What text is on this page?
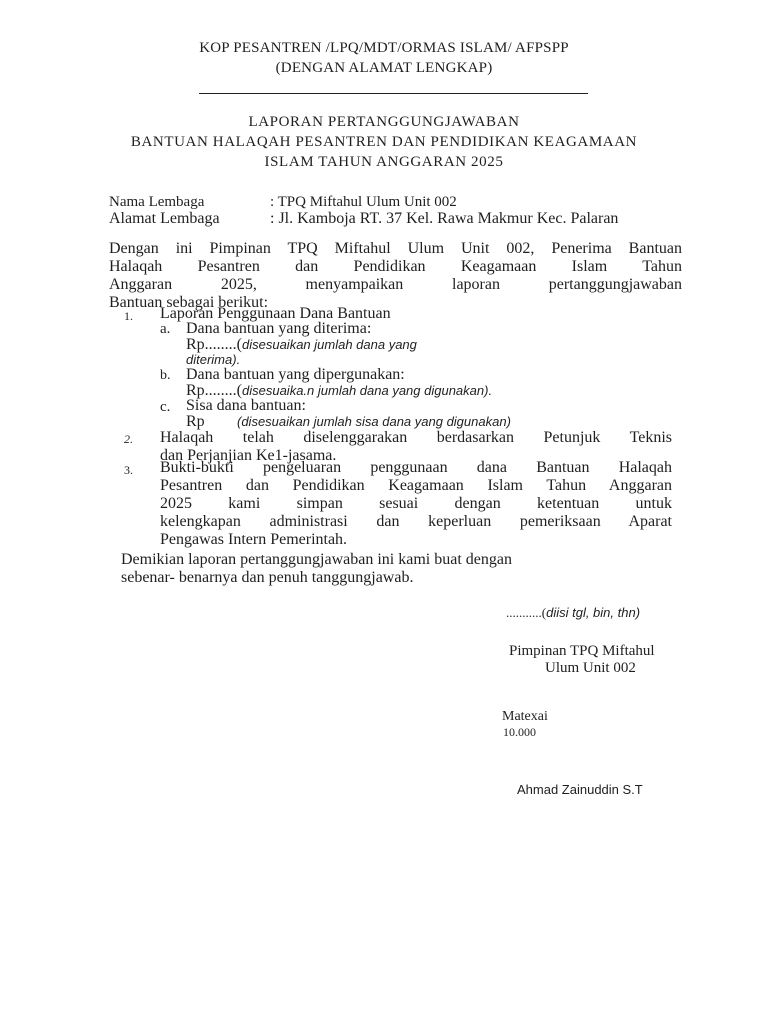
KOP PESANTREN /LPQ/MDT/ORMAS ISLAM/ AFPSPP

(DENGAN ALAMAT LENGKAP)

LAPORAN PERTANGGUNGJAWABAN

BANTUAN HALAQAH PESANTREN DAN PENDIDIKAN KEAGAMAAN

ISLAM TAHUN ANGGARAN 2025

Nama Lembaga	: TPQ Miftahul Ulum Unit 002

Alamat Lembaga	: Jl. Kamboja RT. 37 Kel. Rawa Makmur Kec. Palaran

Dengan ini Pimpinan TPQ Miftahul Ulum Unit 002, Penerima Bantuan
Halaqah Pesantren dan Pendidikan Keagamaan Islam Tahun
Anggaran 2025, menyampaikan laporan pertanggungjawaban
Bantuan sebagai berikut:
1. Laporan Penggunaan Dana Bantuan

a. Dana bantuan yang diterima:

Rp........(disesuaikan jumlah dana yang

diterima).

b. Dana bantuan yang dipergunakan:

Rp........(disesuaika.n jumlah dana yang digunakan).

c. Sisa dana bantuan:

Rp (disesuaikan jumlah sisa dana yang digunakan)

2. Halaqah telah diselenggarakan berdasarkan Petunjuk Teknis
dan Perjanjian Ke1-jasama.
3. Bukti-bukti pengeluaran penggunaan dana Bantuan Halaqah
Pesantren dan Pendidikan Keagamaan Islam Tahun Anggaran
2025 kami simpan sesuai dengan ketentuan untuk
kelengkapan administrasi dan keperluan pemeriksaan Aparat
Pengawas Intern Pemerintah.

Demikian laporan pertanggungjawaban ini kami buat dengan

sebenar- benarnya dan penuh tanggungjawab.

...........(diisi tgl, bin, thn)

Pimpinan TPQ Miftahul

Ulum Unit 002

Matexai

10.000

Ahmad Zainuddin S.T
